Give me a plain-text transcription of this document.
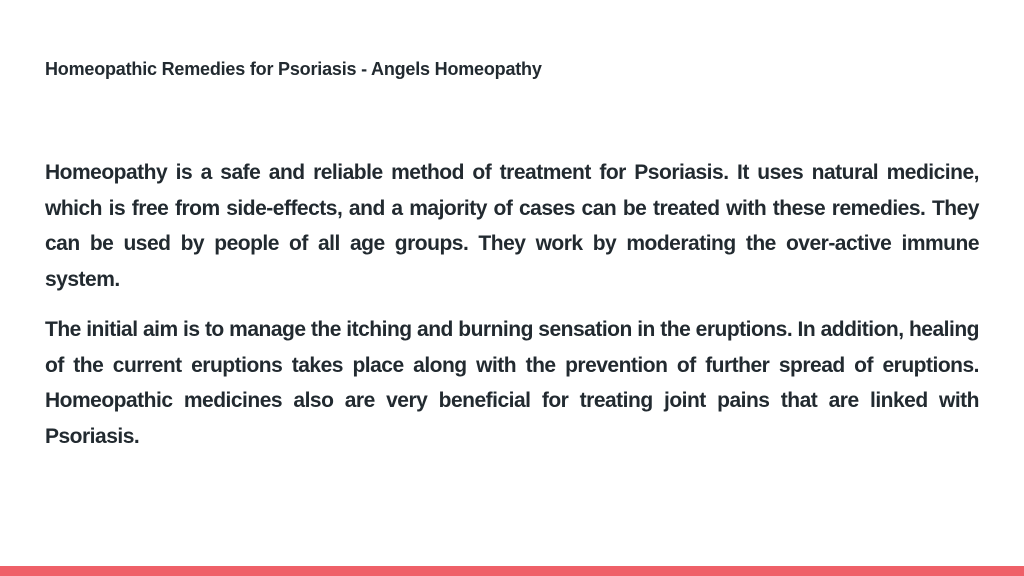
Homeopathic Remedies for Psoriasis - Angels Homeopathy

Homeopathy is a safe and reliable method of treatment for Psoriasis. It uses natural medicine, which is free from side-effects, and a majority of cases can be treated with these remedies. They can be used by people of all age groups. They work by moderating the over-active immune system.

The initial aim is to manage the itching and burning sensation in the eruptions. In addition, healing of the current eruptions takes place along with the prevention of further spread of eruptions. Homeopathic medicines also are very beneficial for treating joint pains that are linked with Psoriasis.
